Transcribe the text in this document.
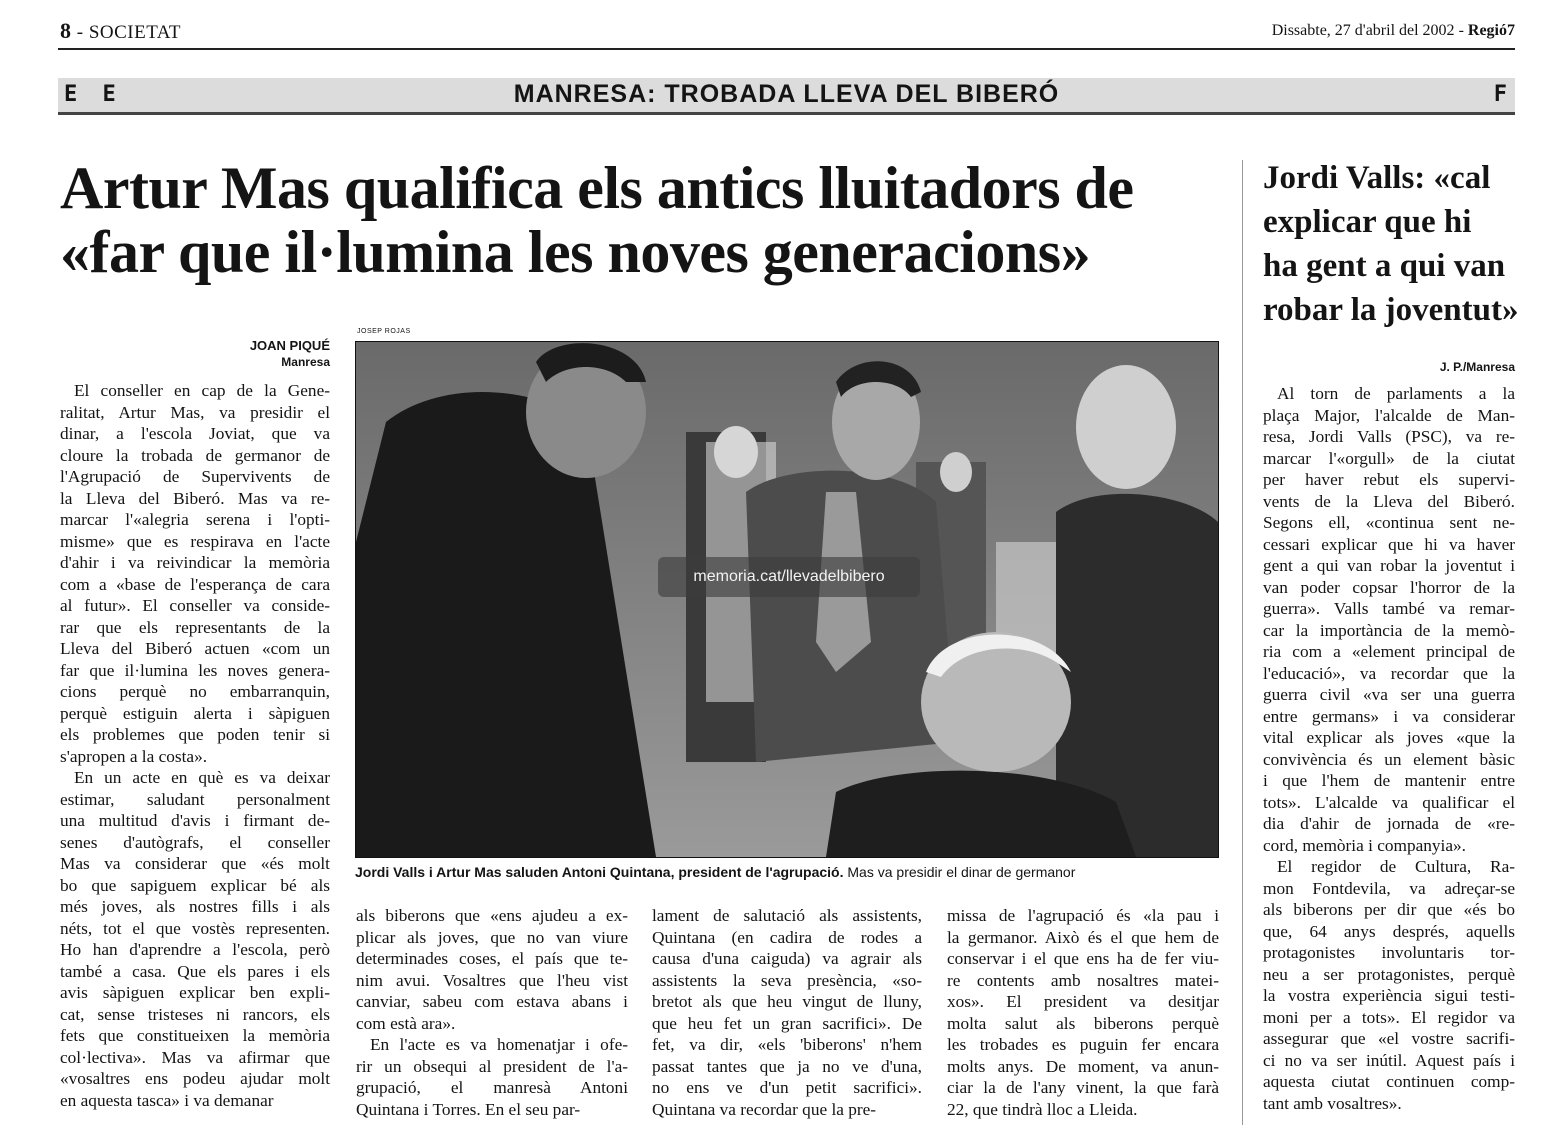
8 - SOCIETAT	Dissabte, 27 d'abril del 2002 - Regió7
E E	MANRESA: TROBADA LLEVA DEL BIBERÓ	F
Artur Mas qualifica els antics lluitadors de
«far que il·lumina les noves generacions»
JOAN PIQUÉ
Manresa
JOSEP ROJAS
memoria.cat/llevadelbibero
Jordi Valls i Artur Mas saluden Antoni Quintana, president de l'agrupació. Mas va presidir el dinar de germanor
El conseller en cap de la Gene-
ralitat, Artur Mas, va presidir el
dinar, a l'escola Joviat, que va
cloure la trobada de germanor de
l'Agrupació de Supervivents de
la Lleva del Biberó. Mas va re-
marcar l'«alegria serena i l'opti-
misme» que es respirava en l'acte
d'ahir i va reivindicar la memòria
com a «base de l'esperança de cara
al futur». El conseller va conside-
rar que els representants de la
Lleva del Biberó actuen «com un
far que il·lumina les noves genera-
cions perquè no embarranquin,
perquè estiguin alerta i sàpiguen
els problemes que poden tenir si
s'apropen a la costa».
En un acte en què es va deixar
estimar, saludant personalment
una multitud d'avis i firmant de-
senes d'autògrafs, el conseller
Mas va considerar que «és molt
bo que sapiguem explicar bé als
més joves, als nostres fills i als
néts, tot el que vostès representen.
Ho han d'aprendre a l'escola, però
també a casa. Que els pares i els
avis sàpiguen explicar ben expli-
cat, sense tristeses ni rancors, els
fets que constitueixen la memòria
col·lectiva». Mas va afirmar que
«vosaltres ens podeu ajudar molt
en aquesta tasca» i va demanar
als biberons que «ens ajudeu a ex-
plicar als joves, que no van viure
determinades coses, el país que te-
nim avui. Vosaltres que l'heu vist
canviar, sabeu com estava abans i
com està ara».
En l'acte es va homenatjar i ofe-
rir un obsequi al president de l'a-
grupació, el manresà Antoni
Quintana i Torres. En el seu par-
lament de salutació als assistents,
Quintana (en cadira de rodes a
causa d'una caiguda) va agrair als
assistents la seva presència, «so-
bretot als que heu vingut de lluny,
que heu fet un gran sacrifici». De
fet, va dir, «els 'biberons' n'hem
passat tantes que ja no ve d'una,
no ens ve d'un petit sacrifici».
Quintana va recordar que la pre-
missa de l'agrupació és «la pau i
la germanor. Això és el que hem de
conservar i el que ens ha de fer viu-
re contents amb nosaltres matei-
xos». El president va desitjar
molta salut als biberons perquè
les trobades es puguin fer encara
molts anys. De moment, va anun-
ciar la de l'any vinent, la que farà
22, que tindrà lloc a Lleida.
Jordi Valls: «cal
explicar que hi
ha gent a qui van
robar la joventut»
J. P./Manresa
Al torn de parlaments a la
plaça Major, l'alcalde de Man-
resa, Jordi Valls (PSC), va re-
marcar l'«orgull» de la ciutat
per haver rebut els supervi-
vents de la Lleva del Biberó.
Segons ell, «continua sent ne-
cessari explicar que hi va haver
gent a qui van robar la joventut i
van poder copsar l'horror de la
guerra». Valls també va remar-
car la importància de la memò-
ria com a «element principal de
l'educació», va recordar que la
guerra civil «va ser una guerra
entre germans» i va considerar
vital explicar als joves «que la
convivència és un element bàsic
i que l'hem de mantenir entre
tots». L'alcalde va qualificar el
dia d'ahir de jornada de «re-
cord, memòria i companyia».
El regidor de Cultura, Ra-
mon Fontdevila, va adreçar-se
als biberons per dir que «és bo
que, 64 anys després, aquells
protagonistes involuntaris tor-
neu a ser protagonistes, perquè
la vostra experiència sigui testi-
moni per a tots». El regidor va
assegurar que «el vostre sacrifi-
ci no va ser inútil. Aquest país i
aquesta ciutat continuen comp-
tant amb vosaltres».
